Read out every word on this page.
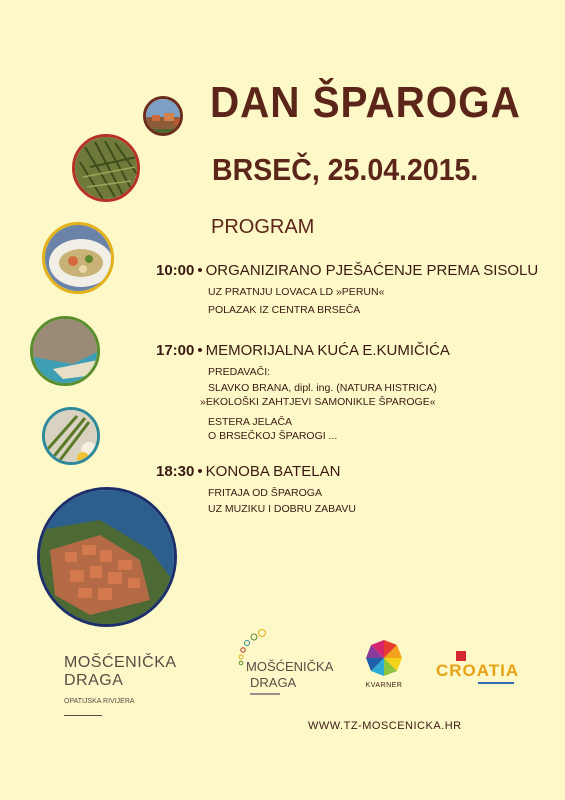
DAN ŠPAROGA
BRSEČ, 25.04.2015.
PROGRAM
10:00 • ORGANIZIRANO PJEŠAĆENJE PREMA SISOLU
UZ PRATNJU LOVACA LD »PERUN«
POLAZAK IZ CENTRA BRSEČA
17:00 • MEMORIJALNA KUĆA E.KUMIČIĆA
PREDAVAČI:
SLAVKO BRANA, dipl. ing. (NATURA HISTRICA)
»EKOLOŠKI ZAHTJEVI SAMONIKLE ŠPAROGE«
ESTERA JELAČA
O BRSEČKOJ ŠPAROGI ...
18:30 • KONOBA BATELAN
FRITAJA OD ŠPAROGA
UZ MUZIKU I DOBRU ZABAVU
MOŠĆENIČKA
DRAGA
OPATIJSKA RIVIJERA
MOŠĆENIČKA
DRAGA	KVARNER
CROATIA
WWW.TZ-MOSCENICKA.HR
